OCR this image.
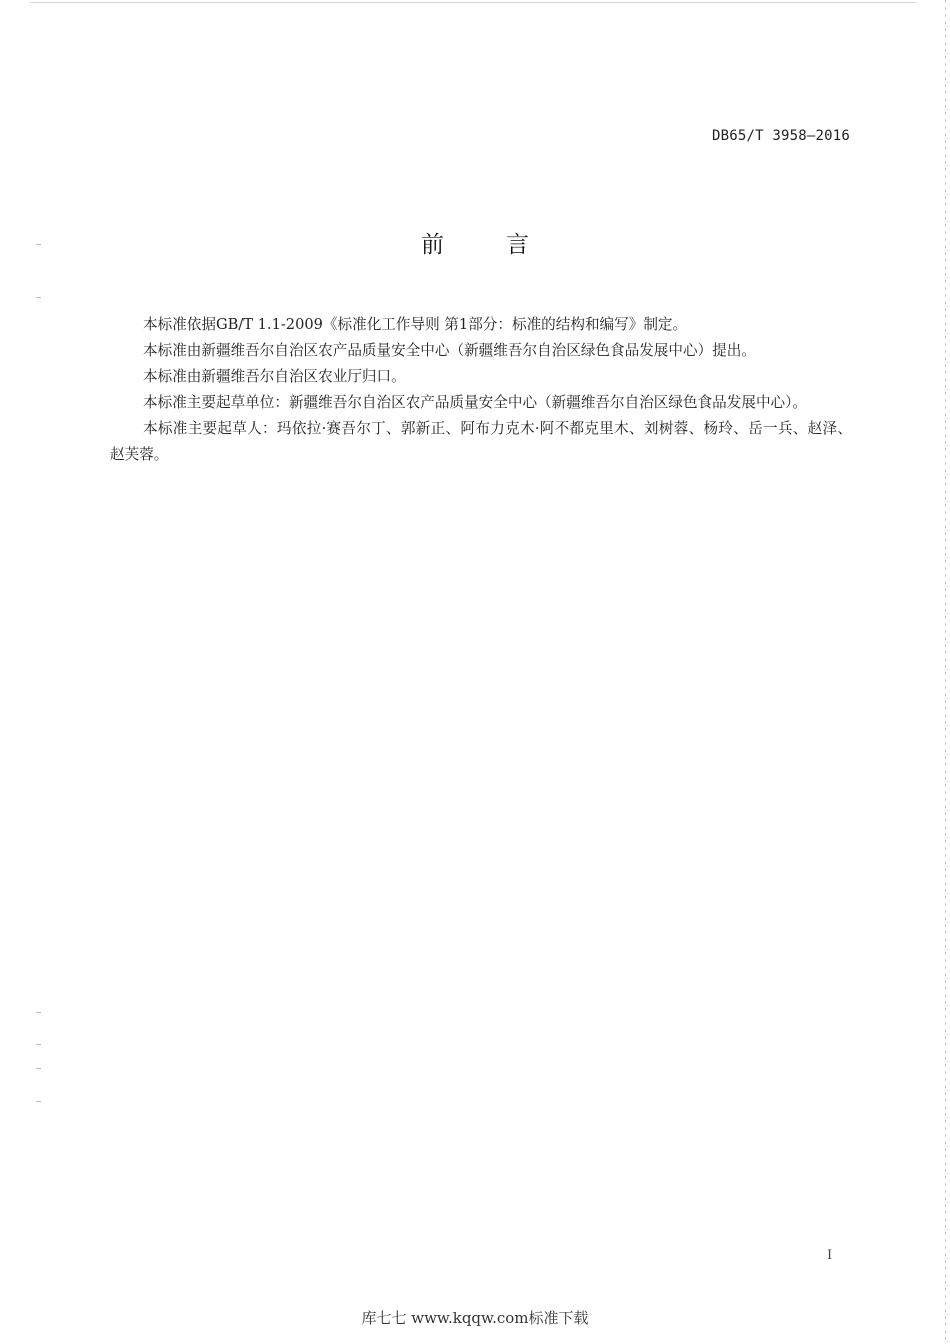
DB65/T 3958—2016
前言

本标准依据GB/T 1.1-2009《标准化工作导则 第1部分：标准的结构和编写》制定。

本标准由新疆维吾尔自治区农产品质量安全中心（新疆维吾尔自治区绿色食品发展中心）提出。

本标准由新疆维吾尔自治区农业厅归口。

本标准主要起草单位：新疆维吾尔自治区农产品质量安全中心（新疆维吾尔自治区绿色食品发展中心）。

本标准主要起草人：玛依拉·赛吾尔丁、郭新正、阿布力克木·阿不都克里木、刘树蓉、杨玲、岳一兵、赵泽、赵芙蓉。

I
库七七 www.kqqw.com标准下载
